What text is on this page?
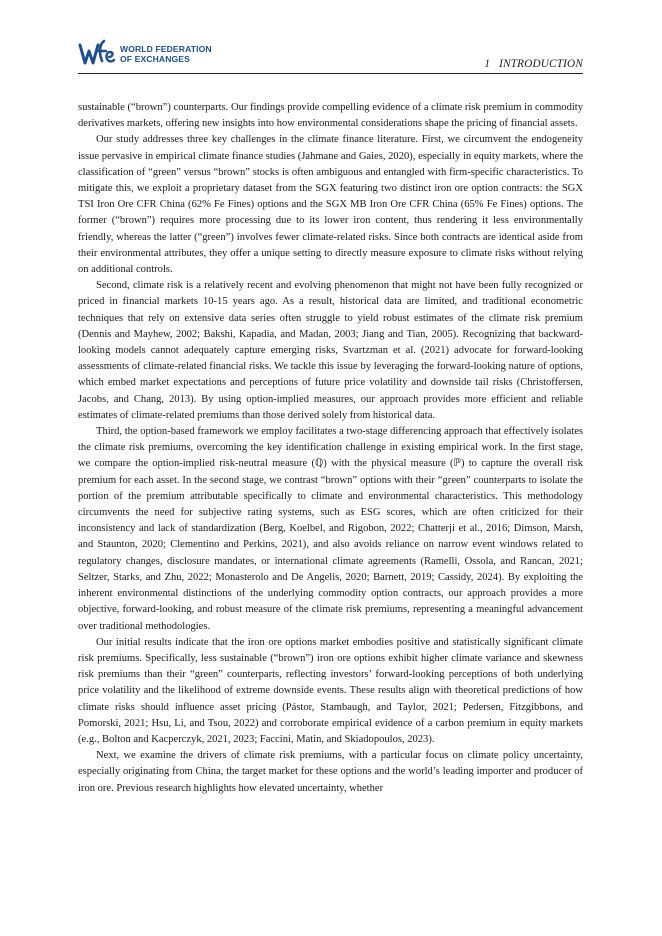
WORLD FEDERATION
OF EXCHANGES	1 INTRODUCTION

sustainable (“brown”) counterparts. Our findings provide compelling evidence of a climate risk premium in commodity derivatives markets, offering new insights into how environmental considerations shape the pricing of financial assets.

Our study addresses three key challenges in the climate finance literature. First, we circumvent the endogeneity issue pervasive in empirical climate finance studies (Jahmane and Gaies, 2020), especially in equity markets, where the classification of “green” versus “brown” stocks is often ambiguous and entangled with firm-specific characteristics. To mitigate this, we exploit a proprietary dataset from the SGX featuring two distinct iron ore option contracts: the SGX TSI Iron Ore CFR China (62% Fe Fines) options and the SGX MB Iron Ore CFR China (65% Fe Fines) options. The former (“brown”) requires more processing due to its lower iron content, thus rendering it less environmentally friendly, whereas the latter (“green”) involves fewer climate-related risks. Since both contracts are identical aside from their environmental attributes, they offer a unique setting to directly measure exposure to climate risks without relying on additional controls.

Second, climate risk is a relatively recent and evolving phenomenon that might not have been fully recognized or priced in financial markets 10-15 years ago. As a result, historical data are limited, and traditional econometric techniques that rely on extensive data series often struggle to yield robust estimates of the climate risk premium (Dennis and Mayhew, 2002; Bakshi, Kapadia, and Madan, 2003; Jiang and Tian, 2005). Recognizing that backward-looking models cannot adequately capture emerging risks, Svartzman et al. (2021) advocate for forward-looking assessments of climate-related financial risks. We tackle this issue by leveraging the forward-looking nature of options, which embed market expectations and perceptions of future price volatility and downside tail risks (Christoffersen, Jacobs, and Chang, 2013). By using option-implied measures, our approach provides more efficient and reliable estimates of climate-related premiums than those derived solely from historical data.

Third, the option-based framework we employ facilitates a two-stage differencing approach that effectively isolates the climate risk premiums, overcoming the key identification challenge in existing empirical work. In the first stage, we compare the option-implied risk-neutral measure (ℚ) with the physical measure (ℙ) to capture the overall risk premium for each asset. In the second stage, we contrast “brown” options with their “green” counterparts to isolate the portion of the premium attributable specifically to climate and environmental characteristics. This methodology circumvents the need for subjective rating systems, such as ESG scores, which are often criticized for their inconsistency and lack of standardization (Berg, Koelbel, and Rigobon, 2022; Chatterji et al., 2016; Dimson, Marsh, and Staunton, 2020; Clementino and Perkins, 2021), and also avoids reliance on narrow event windows related to regulatory changes, disclosure mandates, or international climate agreements (Ramelli, Ossola, and Rancan, 2021; Seltzer, Starks, and Zhu, 2022; Monasterolo and De Angelis, 2020; Barnett, 2019; Cassidy, 2024). By exploiting the inherent environmental distinctions of the underlying commodity option contracts, our approach provides a more objective, forward-looking, and robust measure of the climate risk premiums, representing a meaningful advancement over traditional methodologies.

Our initial results indicate that the iron ore options market embodies positive and statistically significant climate risk premiums. Specifically, less sustainable (“brown”) iron ore options exhibit higher climate variance and skewness risk premiums than their “green” counterparts, reflecting investors’ forward-looking perceptions of both underlying price volatility and the likelihood of extreme downside events. These results align with theoretical predictions of how climate risks should influence asset pricing (Pástor, Stambaugh, and Taylor, 2021; Pedersen, Fitzgibbons, and Pomorski, 2021; Hsu, Li, and Tsou, 2022) and corroborate empirical evidence of a carbon premium in equity markets (e.g., Bolton and Kacperczyk, 2021, 2023; Faccini, Matin, and Skiadopoulos, 2023).

Next, we examine the drivers of climate risk premiums, with a particular focus on climate policy uncertainty, especially originating from China, the target market for these options and the world’s leading importer and producer of iron ore. Previous research highlights how elevated uncertainty, whether
